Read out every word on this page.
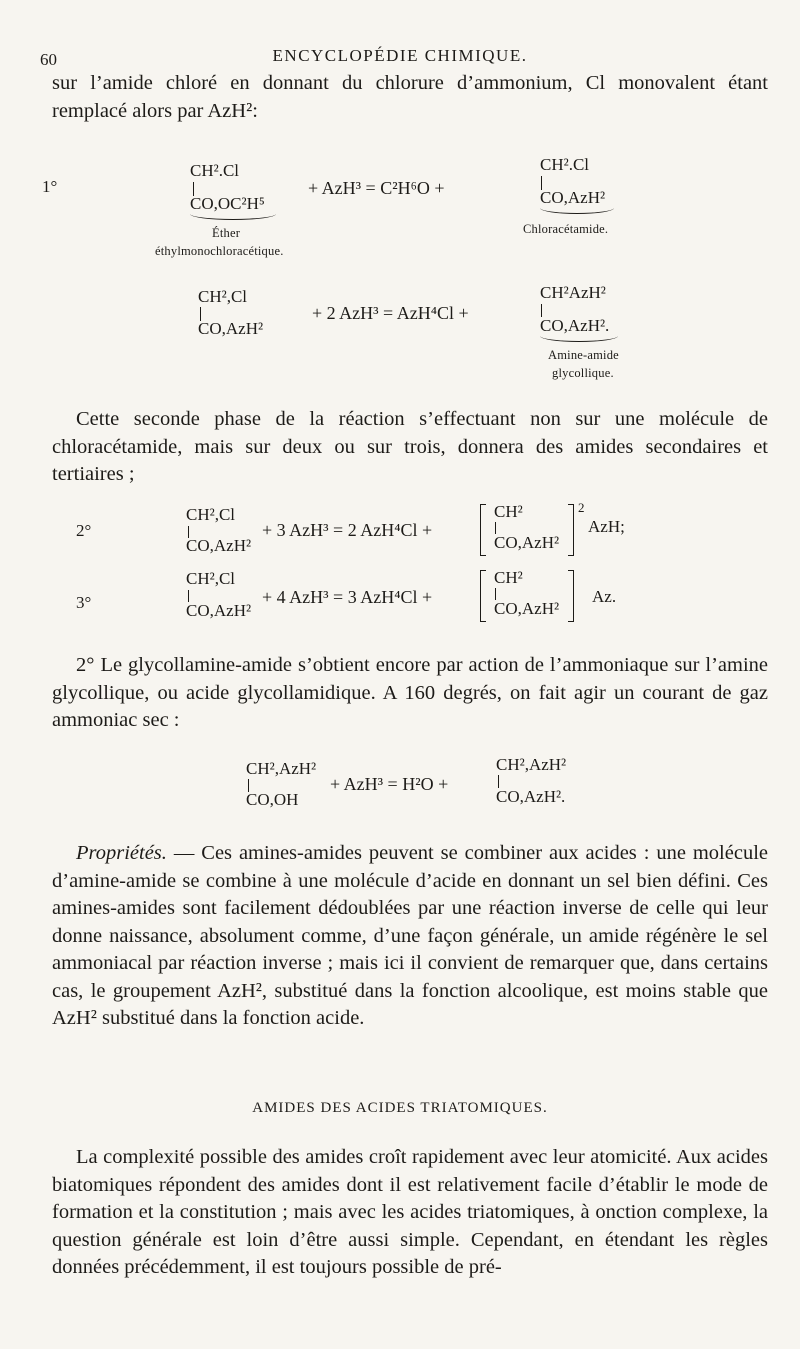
60	ENCYCLOPÉDIE CHIMIQUE.
sur l’amide chloré en donnant du chlorure d’ammonium, Cl monovalent étant remplacé alors par AzH²:
1°
CH².Cl
CO,OC²H⁵
Éther
éthylmonochloracétique.
+ AzH³ = C²H⁶O +
CH².Cl
CO,AzH²
Chloracétamide.
CH²,Cl
CO,AzH²
+ 2 AzH³ = AzH⁴Cl +
CH²AzH²
CO,AzH².
Amine-amide
glycollique.
Cette seconde phase de la réaction s’effectuant non sur une molécule de chloracétamide, mais sur deux ou sur trois, donnera des amides secondaires et tertiaires ;
2°
CH²,Cl
CO,AzH²
+ 3 AzH³ = 2 AzH⁴Cl +
CH²
CO,AzH²
2
AzH;
3°
CH²,Cl
CO,AzH²
+ 4 AzH³ = 3 AzH⁴Cl +
CH²
CO,AzH²
Az.
2° Le glycollamine-amide s’obtient encore par action de l’ammoniaque sur l’amine glycollique, ou acide glycollamidique. A 160 degrés, on fait agir un courant de gaz ammoniac sec :
CH²,AzH²
CO,OH
+ AzH³ = H²O +
CH²,AzH²
CO,AzH².
Propriétés. — Ces amines-amides peuvent se combiner aux acides : une molécule d’amine-amide se combine à une molécule d’acide en donnant un sel bien défini. Ces amines-amides sont facilement dédoublées par une réaction inverse de celle qui leur donne naissance, absolument comme, d’une façon générale, un amide régénère le sel ammoniacal par réaction inverse ; mais ici il convient de remarquer que, dans certains cas, le groupement AzH², substitué dans la fonction alcoolique, est moins stable que AzH² substitué dans la fonction acide.
AMIDES DES ACIDES TRIATOMIQUES.
La complexité possible des amides croît rapidement avec leur atomicité. Aux acides biatomiques répondent des amides dont il est relativement facile d’établir le mode de formation et la constitution ; mais avec les acides triatomiques, à onction complexe, la question générale est loin d’être aussi simple. Cependant, en étendant les règles données précédemment, il est toujours possible de pré-
